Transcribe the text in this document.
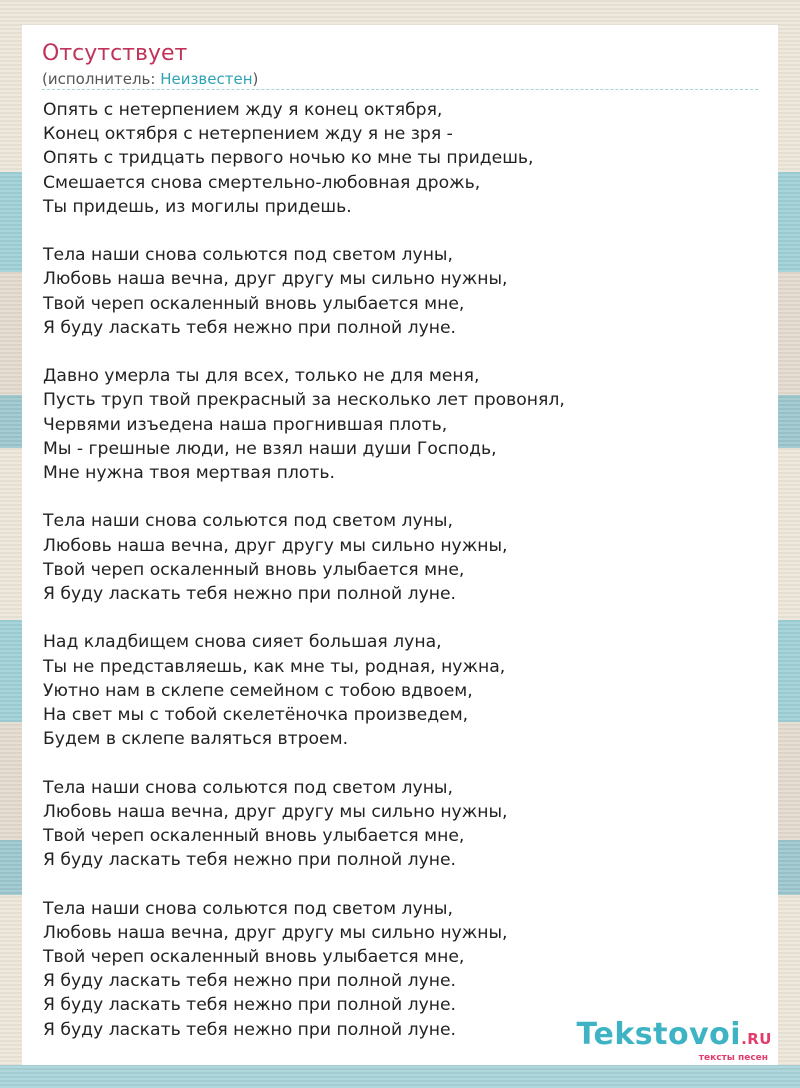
Отсутствует
(исполнитель: Неизвестен)
Опять с нетерпением жду я конец октября,
Конец октября с нетерпением жду я не зря -
Опять с тридцать первого ночью ко мне ты придешь,
Смешается снова смертельно-любовная дрожь,
Ты придешь, из могилы придешь.
Тела наши снова сольются под светом луны,
Любовь наша вечна, друг другу мы сильно нужны,
Твой череп оскаленный вновь улыбается мне,
Я буду ласкать тебя нежно при полной луне.
Давно умерла ты для всех, только не для меня,
Пусть труп твой прекрасный за несколько лет провонял,
Червями изъедена наша прогнившая плоть,
Мы - грешные люди, не взял наши души Господь,
Мне нужна твоя мертвая плоть.
Тела наши снова сольются под светом луны,
Любовь наша вечна, друг другу мы сильно нужны,
Твой череп оскаленный вновь улыбается мне,
Я буду ласкать тебя нежно при полной луне.
Над кладбищем снова сияет большая луна,
Ты не представляешь, как мне ты, родная, нужна,
Уютно нам в склепе семейном с тобою вдвоем,
На свет мы с тобой скелетёночка произведем,
Будем в склепе валяться втроем.
Тела наши снова сольются под светом луны,
Любовь наша вечна, друг другу мы сильно нужны,
Твой череп оскаленный вновь улыбается мне,
Я буду ласкать тебя нежно при полной луне.
Тела наши снова сольются под светом луны,
Любовь наша вечна, друг другу мы сильно нужны,
Твой череп оскаленный вновь улыбается мне,
Я буду ласкать тебя нежно при полной луне.
Я буду ласкать тебя нежно при полной луне.
Я буду ласкать тебя нежно при полной луне.	Tekstovoi.RU
тексты песен
